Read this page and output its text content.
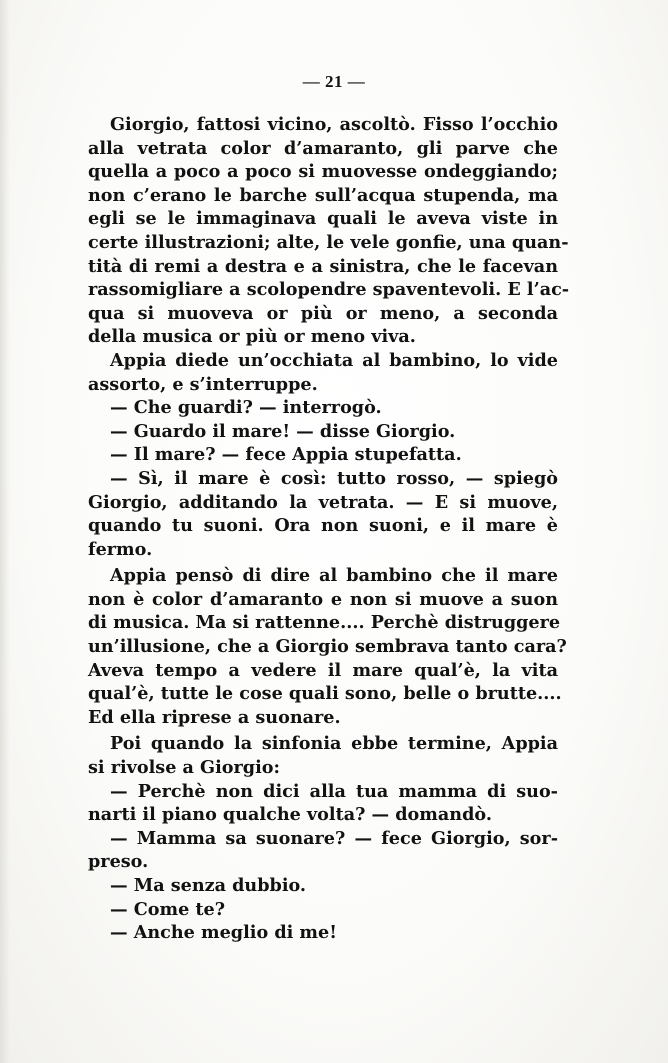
— 21 —
Giorgio, fattosi vicino, ascoltò. Fisso l’occhio
alla vetrata color d’amaranto, gli parve che
quella a poco a poco si muovesse ondeggiando;
non c’erano le barche sull’acqua stupenda, ma
egli se le immaginava quali le aveva viste in
certe illustrazioni; alte, le vele gonfie, una quan-
tità di remi a destra e a sinistra, che le facevan
rassomigliare a scolopendre spaventevoli. E l’ac-
qua si muoveva or più or meno, a seconda
della musica or più or meno viva.
Appia diede un’occhiata al bambino, lo vide
assorto, e s’interruppe.
— Che guardi? — interrogò.
— Guardo il mare! — disse Giorgio.
— Il mare? — fece Appia stupefatta.
— Sì, il mare è così: tutto rosso, — spiegò
Giorgio, additando la vetrata. — E si muove,
quando tu suoni. Ora non suoni, e il mare è
fermo.
Appia pensò di dire al bambino che il mare
non è color d’amaranto e non si muove a suon
di musica. Ma si rattenne.... Perchè distruggere
un’illusione, che a Giorgio sembrava tanto cara?
Aveva tempo a vedere il mare qual’è, la vita
qual’è, tutte le cose quali sono, belle o brutte....
Ed ella riprese a suonare.
Poi quando la sinfonia ebbe termine, Appia
si rivolse a Giorgio:
— Perchè non dici alla tua mamma di suo-
narti il piano qualche volta? — domandò.
— Mamma sa suonare? — fece Giorgio, sor-
preso.
— Ma senza dubbio.
— Come te?
— Anche meglio di me!
